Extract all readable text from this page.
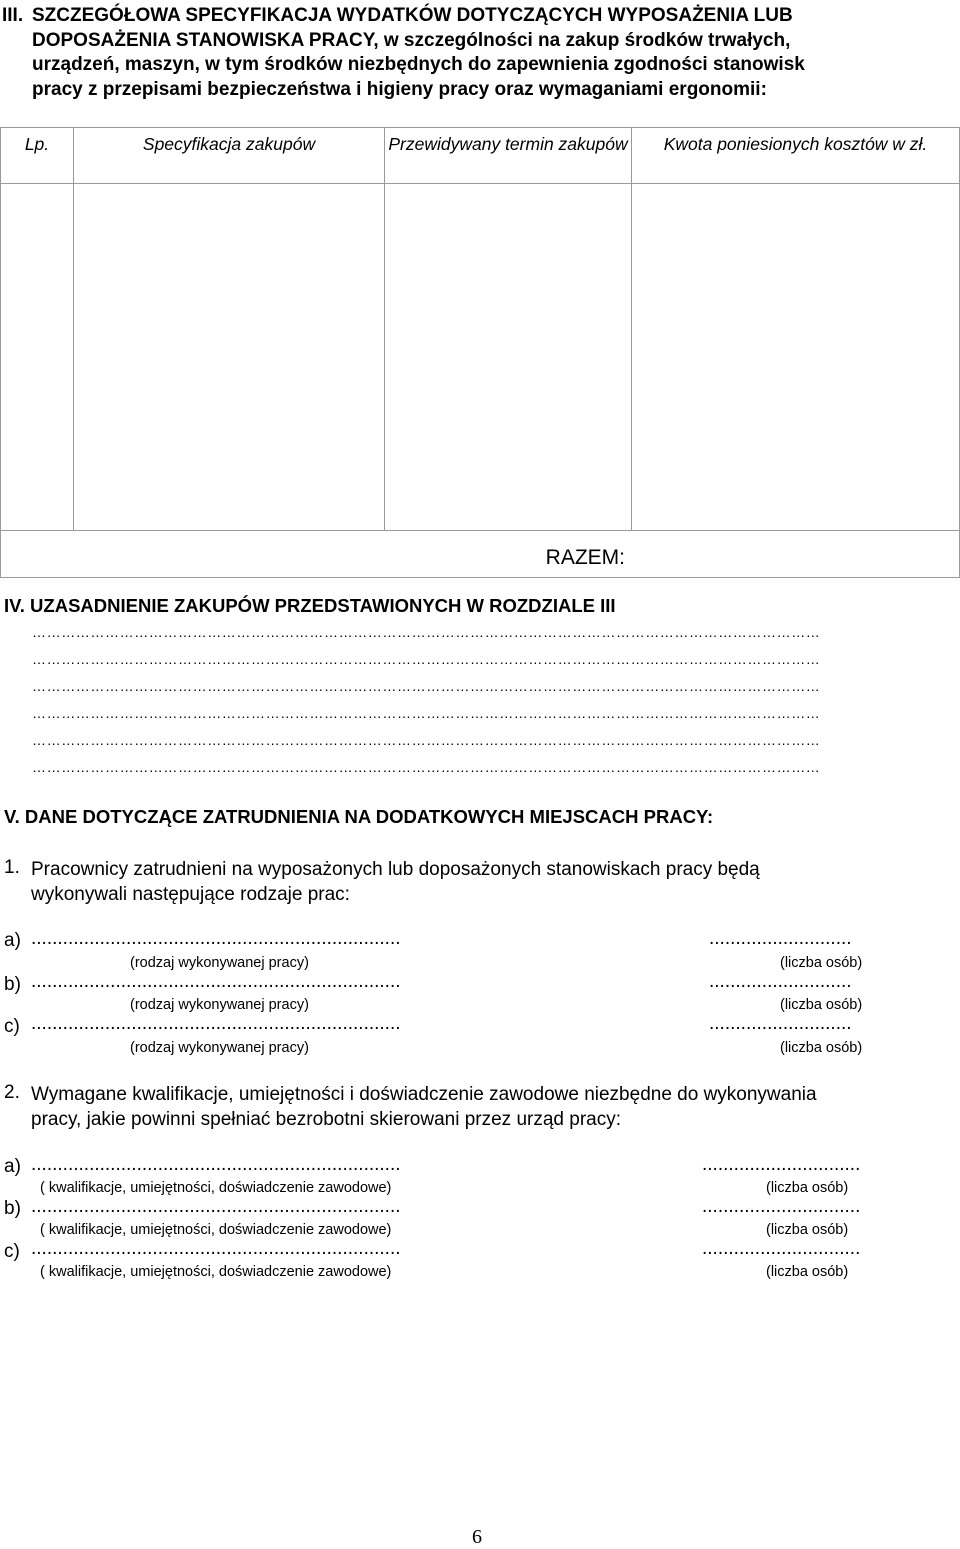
III. SZCZEGÓŁOWA SPECYFIKACJA WYDATKÓW DOTYCZĄCYCH WYPOSAŻENIA LUB

DOPOSAŻENIA STANOWISKA PRACY, w szczególności na zakup środków trwałych,

urządzeń, maszyn, w tym środków niezbędnych do zapewnienia zgodności stanowisk

pracy z przepisami bezpieczeństwa i higieny pracy oraz wymaganiami ergonomii:

Lp.	Specyfikacja zakupów	Przewidywany termin zakupów	Kwota poniesionych kosztów w zł.

RAZEM:			
IV. UZASADNIENIE ZAKUPÓW PRZEDSTAWIONYCH W ROZDZIALE III
………………………………………………………………………………………………………………………………………………
………………………………………………………………………………………………………………………………………………
………………………………………………………………………………………………………………………………………………
………………………………………………………………………………………………………………………………………………
………………………………………………………………………………………………………………………………………………
………………………………………………………………………………………………………………………………………………
V. DANE DOTYCZĄCE ZATRUDNIENIA NA DODATKOWYCH MIEJSCACH PRACY:
1. Pracownicy zatrudnieni na wyposażonych lub doposażonych stanowiskach pracy będą

wykonywali następujące rodzaje prac:

a) ......................................................................	...........................
(rodzaj wykonywanej pracy)	(liczba osób)
b) ......................................................................	...........................
(rodzaj wykonywanej pracy)	(liczba osób)
c) ......................................................................	...........................
(rodzaj wykonywanej pracy)	(liczba osób)
2. Wymagane kwalifikacje, umiejętności i doświadczenie zawodowe niezbędne do wykonywania

pracy, jakie powinni spełniać bezrobotni skierowani przez urząd pracy:

a) ......................................................................	..............................
( kwalifikacje, umiejętności, doświadczenie zawodowe)	(liczba osób)
b) ......................................................................	..............................
( kwalifikacje, umiejętności, doświadczenie zawodowe)	(liczba osób)
c) ......................................................................	..............................
( kwalifikacje, umiejętności, doświadczenie zawodowe)	(liczba osób)
6
